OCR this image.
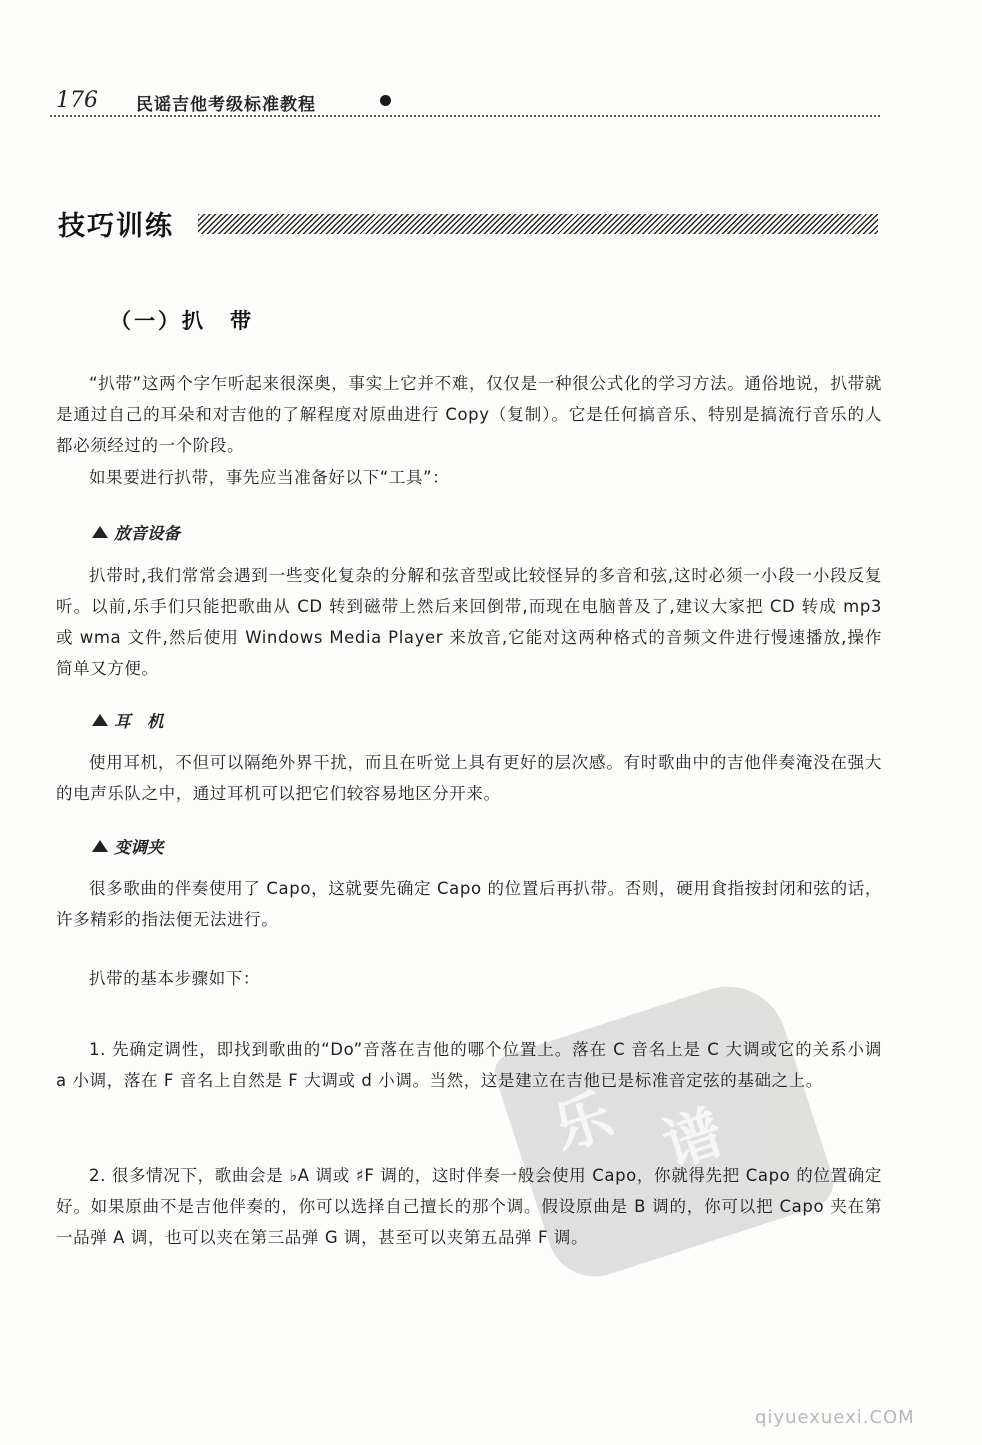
176 民谣吉他考级标准教程
技巧训练
（一）扒　带

“扒带”这两个字乍听起来很深奥，事实上它并不难，仅仅是一种很公式化的学习方法。通俗地说，扒带就是通过自己的耳朵和对吉他的了解程度对原曲进行 Copy（复制）。它是任何搞音乐、特别是搞流行音乐的人都必须经过的一个阶段。

如果要进行扒带，事先应当准备好以下“工具”：

放音设备

扒带时,我们常常会遇到一些变化复杂的分解和弦音型或比较怪异的多音和弦,这时必须一小段一小段反复听。以前,乐手们只能把歌曲从 CD 转到磁带上然后来回倒带,而现在电脑普及了,建议大家把 CD 转成 mp3 或 wma 文件,然后使用 Windows Media Player 来放音,它能对这两种格式的音频文件进行慢速播放,操作简单又方便。

耳　机

使用耳机，不但可以隔绝外界干扰，而且在听觉上具有更好的层次感。有时歌曲中的吉他伴奏淹没在强大的电声乐队之中，通过耳机可以把它们较容易地区分开来。

变调夹

很多歌曲的伴奏使用了 Capo，这就要先确定 Capo 的位置后再扒带。否则，硬用食指按封闭和弦的话，许多精彩的指法便无法进行。

扒带的基本步骤如下：

乐 谱

1. 先确定调性，即找到歌曲的“Do”音落在吉他的哪个位置上。落在 C 音名上是 C 大调或它的关系小调 a 小调，落在 F 音名上自然是 F 大调或 d 小调。当然，这是建立在吉他已是标准音定弦的基础之上。

2. 很多情况下，歌曲会是 ♭A 调或 ♯F 调的，这时伴奏一般会使用 Capo，你就得先把 Capo 的位置确定好。如果原曲不是吉他伴奏的，你可以选择自己擅长的那个调。假设原曲是 B 调的，你可以把 Capo 夹在第一品弹 A 调，也可以夹在第三品弹 G 调，甚至可以夹第五品弹 F 调。

qiyuexuexi.COM
